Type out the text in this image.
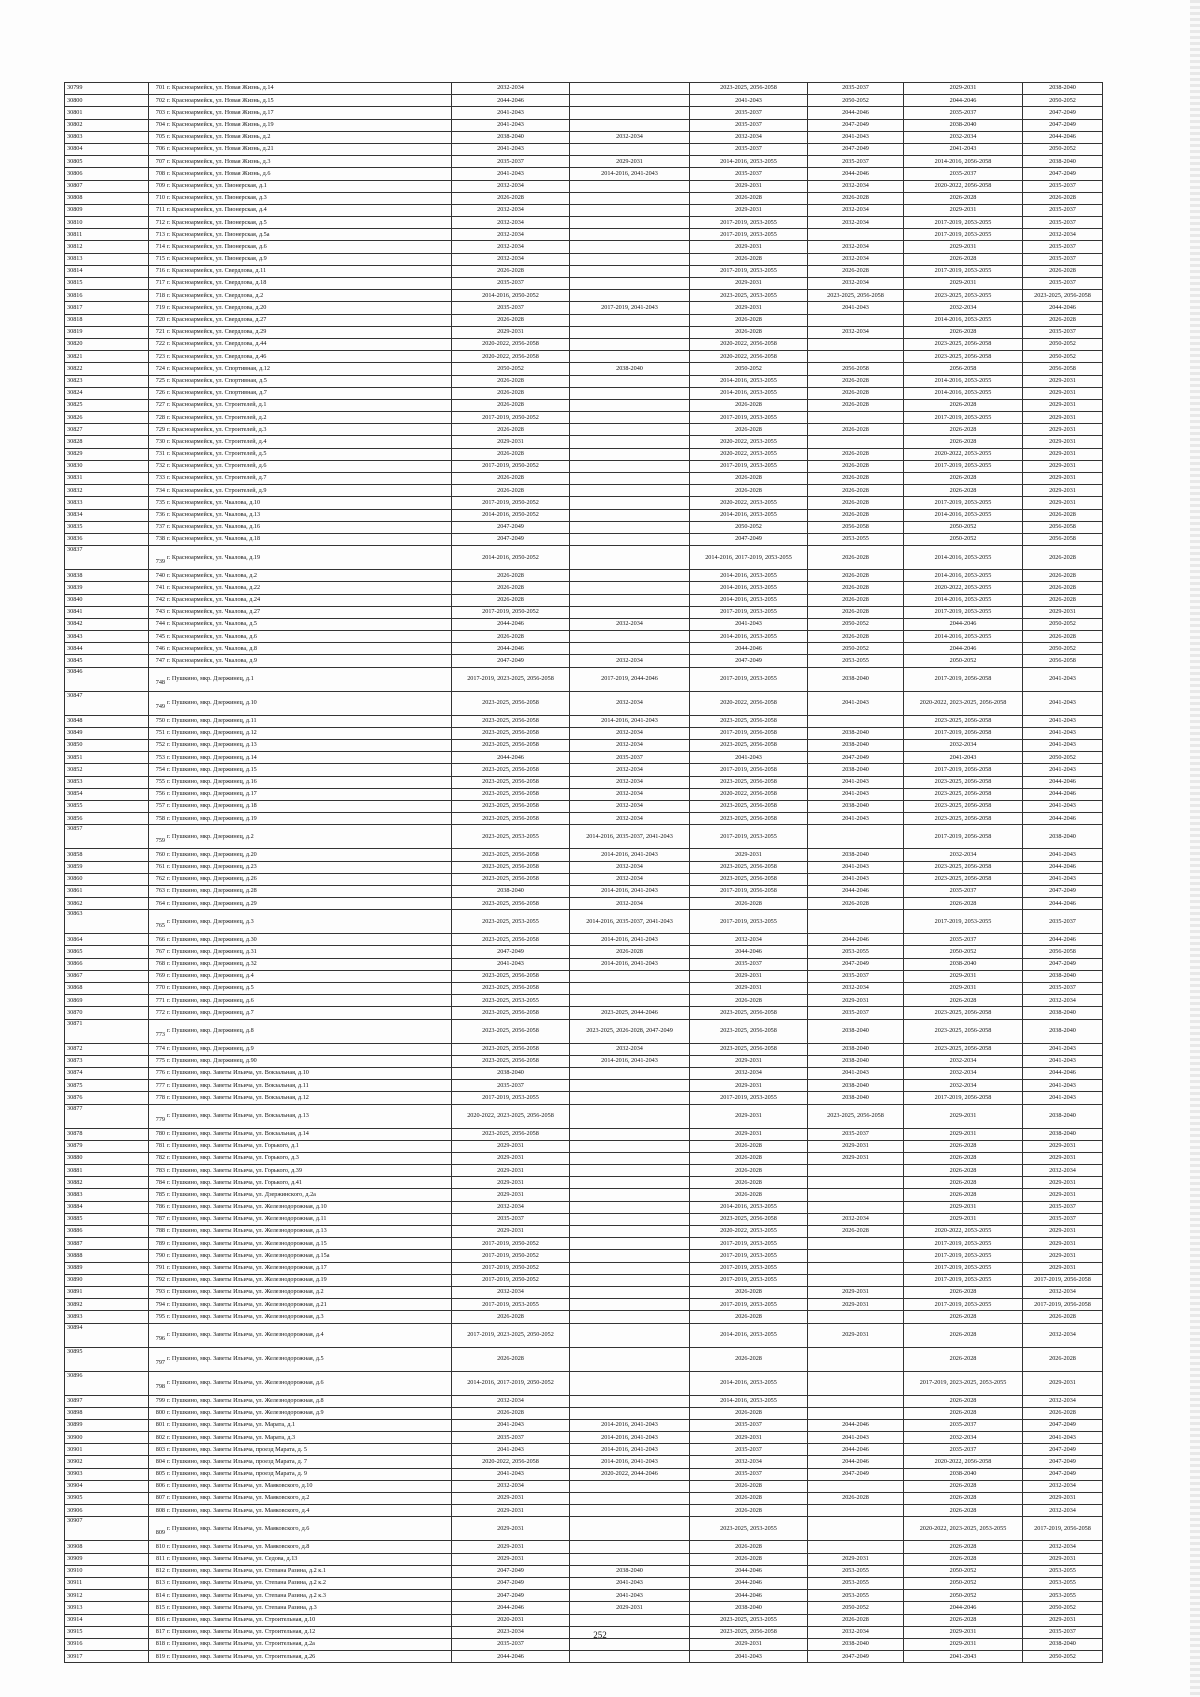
30799	701 г. Красноармейск, ул. Новая Жизнь, д.14	2032-2034		2023-2025, 2056-2058	2035-2037	2029-2031	2038-2040
30800	702 г. Красноармейск, ул. Новая Жизнь, д.15	2044-2046		2041-2043	2050-2052	2044-2046	2050-2052
30801	703 г. Красноармейск, ул. Новая Жизнь, д.17	2041-2043		2035-2037	2044-2046	2035-2037	2047-2049
30802	704 г. Красноармейск, ул. Новая Жизнь, д.19	2041-2043		2035-2037	2047-2049	2038-2040	2047-2049
30803	705 г. Красноармейск, ул. Новая Жизнь, д.2	2038-2040	2032-2034	2032-2034	2041-2043	2032-2034	2044-2046
30804	706 г. Красноармейск, ул. Новая Жизнь, д.21	2041-2043		2035-2037	2047-2049	2041-2043	2050-2052
30805	707 г. Красноармейск, ул. Новая Жизнь, д.3	2035-2037	2029-2031	2014-2016, 2053-2055	2035-2037	2014-2016, 2056-2058	2038-2040
30806	708 г. Красноармейск, ул. Новая Жизнь, д.6	2041-2043	2014-2016, 2041-2043	2035-2037	2044-2046	2035-2037	2047-2049
30807	709 г. Красноармейск, ул. Пионерская, д.1	2032-2034		2029-2031	2032-2034	2020-2022, 2056-2058	2035-2037
30808	710 г. Красноармейск, ул. Пионерская, д.3	2026-2028		2026-2028	2026-2028	2026-2028	2026-2028
30809	711 г. Красноармейск, ул. Пионерская, д.4	2032-2034		2029-2031	2032-2034	2029-2031	2035-2037
30810	712 г. Красноармейск, ул. Пионерская, д.5	2032-2034		2017-2019, 2053-2055	2032-2034	2017-2019, 2053-2055	2035-2037
30811	713 г. Красноармейск, ул. Пионерская, д.5а	2032-2034		2017-2019, 2053-2055		2017-2019, 2053-2055	2032-2034
30812	714 г. Красноармейск, ул. Пионерская, д.6	2032-2034		2029-2031	2032-2034	2029-2031	2035-2037
30813	715 г. Красноармейск, ул. Пионерская, д.9	2032-2034		2026-2028	2032-2034	2026-2028	2035-2037
30814	716 г. Красноармейск, ул. Свердлова, д.11	2026-2028		2017-2019, 2053-2055	2026-2028	2017-2019, 2053-2055	2026-2028
30815	717 г. Красноармейск, ул. Свердлова, д.18	2035-2037		2029-2031	2032-2034	2029-2031	2035-2037
30816	718 г. Красноармейск, ул. Свердлова, д.2	2014-2016, 2050-2052		2023-2025, 2053-2055	2023-2025, 2056-2058	2023-2025, 2053-2055	2023-2025, 2056-2058
30817	719 г. Красноармейск, ул. Свердлова, д.20	2035-2037	2017-2019, 2041-2043	2029-2031	2041-2043	2032-2034	2044-2046
30818	720 г. Красноармейск, ул. Свердлова, д.27	2026-2028		2026-2028		2014-2016, 2053-2055	2026-2028
30819	721 г. Красноармейск, ул. Свердлова, д.29	2029-2031		2026-2028	2032-2034	2026-2028	2035-2037
30820	722 г. Красноармейск, ул. Свердлова, д.44	2020-2022, 2056-2058		2020-2022, 2056-2058		2023-2025, 2056-2058	2050-2052
30821	723 г. Красноармейск, ул. Свердлова, д.46	2020-2022, 2056-2058		2020-2022, 2056-2058		2023-2025, 2056-2058	2050-2052
30822	724 г. Красноармейск, ул. Спортивная, д.12	2050-2052	2038-2040	2050-2052	2056-2058	2056-2058	2056-2058
30823	725 г. Красноармейск, ул. Спортивная, д.5	2026-2028		2014-2016, 2053-2055	2026-2028	2014-2016, 2053-2055	2029-2031
30824	726 г. Красноармейск, ул. Спортивная, д.7	2026-2028		2014-2016, 2053-2055	2026-2028	2014-2016, 2053-2055	2029-2031
30825	727 г. Красноармейск, ул. Строителей, д.1	2026-2028		2026-2028	2026-2028	2026-2028	2029-2031
30826	728 г. Красноармейск, ул. Строителей, д.2	2017-2019, 2050-2052		2017-2019, 2053-2055		2017-2019, 2053-2055	2029-2031
30827	729 г. Красноармейск, ул. Строителей, д.3	2026-2028		2026-2028	2026-2028	2026-2028	2029-2031
30828	730 г. Красноармейск, ул. Строителей, д.4	2029-2031		2020-2022, 2053-2055		2026-2028	2029-2031
30829	731 г. Красноармейск, ул. Строителей, д.5	2026-2028		2020-2022, 2053-2055	2026-2028	2020-2022, 2053-2055	2029-2031
30830	732 г. Красноармейск, ул. Строителей, д.6	2017-2019, 2050-2052		2017-2019, 2053-2055	2026-2028	2017-2019, 2053-2055	2029-2031
30831	733 г. Красноармейск, ул. Строителей, д.7	2026-2028		2026-2028	2026-2028	2026-2028	2029-2031
30832	734 г. Красноармейск, ул. Строителей, д.9	2026-2028		2026-2028	2026-2028	2026-2028	2029-2031
30833	735 г. Красноармейск, ул. Чкалова, д.10	2017-2019, 2050-2052		2020-2022, 2053-2055	2026-2028	2017-2019, 2053-2055	2029-2031
30834	736 г. Красноармейск, ул. Чкалова, д.13	2014-2016, 2050-2052		2014-2016, 2053-2055	2026-2028	2014-2016, 2053-2055	2026-2028
30835	737 г. Красноармейск, ул. Чкалова, д.16	2047-2049		2050-2052	2056-2058	2050-2052	2056-2058
30836	738 г. Красноармейск, ул. Чкалова, д.18	2047-2049		2047-2049	2053-2055	2050-2052	2056-2058
30837	739г. Красноармейск, ул. Чкалова, д.19	2014-2016, 2050-2052		2014-2016, 2017-2019, 2053-2055	2026-2028	2014-2016, 2053-2055	2026-2028
30838	740 г. Красноармейск, ул. Чкалова, д.2	2026-2028		2014-2016, 2053-2055	2026-2028	2014-2016, 2053-2055	2026-2028
30839	741 г. Красноармейск, ул. Чкалова, д.22	2026-2028		2014-2016, 2053-2055	2026-2028	2020-2022, 2053-2055	2026-2028
30840	742 г. Красноармейск, ул. Чкалова, д.24	2026-2028		2014-2016, 2053-2055	2026-2028	2014-2016, 2053-2055	2026-2028
30841	743 г. Красноармейск, ул. Чкалова, д.27	2017-2019, 2050-2052		2017-2019, 2053-2055	2026-2028	2017-2019, 2053-2055	2029-2031
30842	744 г. Красноармейск, ул. Чкалова, д.5	2044-2046	2032-2034	2041-2043	2050-2052	2044-2046	2050-2052
30843	745 г. Красноармейск, ул. Чкалова, д.6	2026-2028		2014-2016, 2053-2055	2026-2028	2014-2016, 2053-2055	2026-2028
30844	746 г. Красноармейск, ул. Чкалова, д.8	2044-2046		2044-2046	2050-2052	2044-2046	2050-2052
30845	747 г. Красноармейск, ул. Чкалова, д.9	2047-2049	2032-2034	2047-2049	2053-2055	2050-2052	2056-2058
30846	748г. Пушкино, мкр. Дзержинец, д.1	2017-2019, 2023-2025, 2056-2058	2017-2019, 2044-2046	2017-2019, 2053-2055	2038-2040	2017-2019, 2056-2058	2041-2043
30847	749г. Пушкино, мкр. Дзержинец, д.10	2023-2025, 2056-2058	2032-2034	2020-2022, 2056-2058	2041-2043	2020-2022, 2023-2025, 2056-2058	2041-2043
30848	750 г. Пушкино, мкр. Дзержинец, д.11	2023-2025, 2056-2058	2014-2016, 2041-2043	2023-2025, 2056-2058		2023-2025, 2056-2058	2041-2043
30849	751 г. Пушкино, мкр. Дзержинец, д.12	2023-2025, 2056-2058	2032-2034	2017-2019, 2056-2058	2038-2040	2017-2019, 2056-2058	2041-2043
30850	752 г. Пушкино, мкр. Дзержинец, д.13	2023-2025, 2056-2058	2032-2034	2023-2025, 2056-2058	2038-2040	2032-2034	2041-2043
30851	753 г. Пушкино, мкр. Дзержинец, д.14	2044-2046	2035-2037	2041-2043	2047-2049	2041-2043	2050-2052
30852	754 г. Пушкино, мкр. Дзержинец, д.15	2023-2025, 2056-2058	2032-2034	2017-2019, 2056-2058	2038-2040	2017-2019, 2056-2058	2041-2043
30853	755 г. Пушкино, мкр. Дзержинец, д.16	2023-2025, 2056-2058	2032-2034	2023-2025, 2056-2058	2041-2043	2023-2025, 2056-2058	2044-2046
30854	756 г. Пушкино, мкр. Дзержинец, д.17	2023-2025, 2056-2058	2032-2034	2020-2022, 2056-2058	2041-2043	2023-2025, 2056-2058	2044-2046
30855	757 г. Пушкино, мкр. Дзержинец, д.18	2023-2025, 2056-2058	2032-2034	2023-2025, 2056-2058	2038-2040	2023-2025, 2056-2058	2041-2043
30856	758 г. Пушкино, мкр. Дзержинец, д.19	2023-2025, 2056-2058	2032-2034	2023-2025, 2056-2058	2041-2043	2023-2025, 2056-2058	2044-2046
30857	759г. Пушкино, мкр. Дзержинец, д.2	2023-2025, 2053-2055	2014-2016, 2035-2037, 2041-2043	2017-2019, 2053-2055		2017-2019, 2056-2058	2038-2040
30858	760 г. Пушкино, мкр. Дзержинец, д.20	2023-2025, 2056-2058	2014-2016, 2041-2043	2029-2031	2038-2040	2032-2034	2041-2043
30859	761 г. Пушкино, мкр. Дзержинец, д.23	2023-2025, 2056-2058	2032-2034	2023-2025, 2056-2058	2041-2043	2023-2025, 2056-2058	2044-2046
30860	762 г. Пушкино, мкр. Дзержинец, д.26	2023-2025, 2056-2058	2032-2034	2023-2025, 2056-2058	2041-2043	2023-2025, 2056-2058	2041-2043
30861	763 г. Пушкино, мкр. Дзержинец, д.28	2038-2040	2014-2016, 2041-2043	2017-2019, 2056-2058	2044-2046	2035-2037	2047-2049
30862	764 г. Пушкино, мкр. Дзержинец, д.29	2023-2025, 2056-2058	2032-2034	2026-2028	2026-2028	2026-2028	2044-2046
30863	765г. Пушкино, мкр. Дзержинец, д.3	2023-2025, 2053-2055	2014-2016, 2035-2037, 2041-2043	2017-2019, 2053-2055		2017-2019, 2053-2055	2035-2037
30864	766 г. Пушкино, мкр. Дзержинец, д.30	2023-2025, 2056-2058	2014-2016, 2041-2043	2032-2034	2044-2046	2035-2037	2044-2046
30865	767 г. Пушкино, мкр. Дзержинец, д.31	2047-2049	2026-2028	2044-2046	2053-2055	2050-2052	2056-2058
30866	768 г. Пушкино, мкр. Дзержинец, д.32	2041-2043	2014-2016, 2041-2043	2035-2037	2047-2049	2038-2040	2047-2049
30867	769 г. Пушкино, мкр. Дзержинец, д.4	2023-2025, 2056-2058		2029-2031	2035-2037	2029-2031	2038-2040
30868	770 г. Пушкино, мкр. Дзержинец, д.5	2023-2025, 2056-2058		2029-2031	2032-2034	2029-2031	2035-2037
30869	771 г. Пушкино, мкр. Дзержинец, д.6	2023-2025, 2053-2055		2026-2028	2029-2031	2026-2028	2032-2034
30870	772 г. Пушкино, мкр. Дзержинец, д.7	2023-2025, 2056-2058	2023-2025, 2044-2046	2023-2025, 2056-2058	2035-2037	2023-2025, 2056-2058	2038-2040
30871	773г. Пушкино, мкр. Дзержинец, д.8	2023-2025, 2056-2058	2023-2025, 2026-2028, 2047-2049	2023-2025, 2056-2058	2038-2040	2023-2025, 2056-2058	2038-2040
30872	774 г. Пушкино, мкр. Дзержинец, д.9	2023-2025, 2056-2058	2032-2034	2023-2025, 2056-2058	2038-2040	2023-2025, 2056-2058	2041-2043
30873	775 г. Пушкино, мкр. Дзержинец, д.90	2023-2025, 2056-2058	2014-2016, 2041-2043	2029-2031	2038-2040	2032-2034	2041-2043
30874	776 г. Пушкино, мкр. Заветы Ильича, ул. Вокзальная, д.10	2038-2040		2032-2034	2041-2043	2032-2034	2044-2046
30875	777 г. Пушкино, мкр. Заветы Ильича, ул. Вокзальная, д.11	2035-2037		2029-2031	2038-2040	2032-2034	2041-2043
30876	778 г. Пушкино, мкр. Заветы Ильича, ул. Вокзальная, д.12	2017-2019, 2053-2055		2017-2019, 2053-2055	2038-2040	2017-2019, 2056-2058	2041-2043
30877	779г. Пушкино, мкр. Заветы Ильича, ул. Вокзальная, д.13	2020-2022, 2023-2025, 2056-2058		2029-2031	2023-2025, 2056-2058	2029-2031	2038-2040
30878	780 г. Пушкино, мкр. Заветы Ильича, ул. Вокзальная, д.14	2023-2025, 2056-2058		2029-2031	2035-2037	2029-2031	2038-2040
30879	781 г. Пушкино, мкр. Заветы Ильича, ул. Горького, д.1	2029-2031		2026-2028	2029-2031	2026-2028	2029-2031
30880	782 г. Пушкино, мкр. Заветы Ильича, ул. Горького, д.3	2029-2031		2026-2028	2029-2031	2026-2028	2029-2031
30881	783 г. Пушкино, мкр. Заветы Ильича, ул. Горького, д.39	2029-2031		2026-2028		2026-2028	2032-2034
30882	784 г. Пушкино, мкр. Заветы Ильича, ул. Горького, д.41	2029-2031		2026-2028		2026-2028	2029-2031
30883	785 г. Пушкино, мкр. Заветы Ильича, ул. Дзержинского, д.2а	2029-2031		2026-2028		2026-2028	2029-2031
30884	786 г. Пушкино, мкр. Заветы Ильича, ул. Железнодорожная, д.10	2032-2034		2014-2016, 2053-2055		2029-2031	2035-2037
30885	787 г. Пушкино, мкр. Заветы Ильича, ул. Железнодорожная, д.11	2035-2037		2023-2025, 2056-2058	2032-2034	2029-2031	2035-2037
30886	788 г. Пушкино, мкр. Заветы Ильича, ул. Железнодорожная, д.13	2029-2031		2020-2022, 2053-2055	2026-2028	2020-2022, 2053-2055	2029-2031
30887	789 г. Пушкино, мкр. Заветы Ильича, ул. Железнодорожная, д.15	2017-2019, 2050-2052		2017-2019, 2053-2055		2017-2019, 2053-2055	2029-2031
30888	790 г. Пушкино, мкр. Заветы Ильича, ул. Железнодорожная, д.15а	2017-2019, 2050-2052		2017-2019, 2053-2055		2017-2019, 2053-2055	2029-2031
30889	791 г. Пушкино, мкр. Заветы Ильича, ул. Железнодорожная, д.17	2017-2019, 2050-2052		2017-2019, 2053-2055		2017-2019, 2053-2055	2029-2031
30890	792 г. Пушкино, мкр. Заветы Ильича, ул. Железнодорожная, д.19	2017-2019, 2050-2052		2017-2019, 2053-2055		2017-2019, 2053-2055	2017-2019, 2056-2058
30891	793 г. Пушкино, мкр. Заветы Ильича, ул. Железнодорожная, д.2	2032-2034		2026-2028	2029-2031	2026-2028	2032-2034
30892	794 г. Пушкино, мкр. Заветы Ильича, ул. Железнодорожная, д.21	2017-2019, 2053-2055		2017-2019, 2053-2055	2029-2031	2017-2019, 2053-2055	2017-2019, 2056-2058
30893	795 г. Пушкино, мкр. Заветы Ильича, ул. Железнодорожная, д.3	2026-2028		2026-2028		2026-2028	2026-2028
30894	796г. Пушкино, мкр. Заветы Ильича, ул. Железнодорожная, д.4	2017-2019, 2023-2025, 2050-2052		2014-2016, 2053-2055	2029-2031	2026-2028	2032-2034
30895	797г. Пушкино, мкр. Заветы Ильича, ул. Железнодорожная, д.5	2026-2028		2026-2028		2026-2028	2026-2028
30896	798г. Пушкино, мкр. Заветы Ильича, ул. Железнодорожная, д.6	2014-2016, 2017-2019, 2050-2052		2014-2016, 2053-2055		2017-2019, 2023-2025, 2053-2055	2029-2031
30897	799 г. Пушкино, мкр. Заветы Ильича, ул. Железнодорожная, д.8	2032-2034		2014-2016, 2053-2055		2026-2028	2032-2034
30898	800 г. Пушкино, мкр. Заветы Ильича, ул. Железнодорожная, д.9	2026-2028		2026-2028		2026-2028	2026-2028
30899	801 г. Пушкино, мкр. Заветы Ильича, ул. Марата, д.1	2041-2043	2014-2016, 2041-2043	2035-2037	2044-2046	2035-2037	2047-2049
30900	802 г. Пушкино, мкр. Заветы Ильича, ул. Марата, д.3	2035-2037	2014-2016, 2041-2043	2029-2031	2041-2043	2032-2034	2041-2043
30901	803 г. Пушкино, мкр. Заветы Ильича, проезд Марата, д. 5	2041-2043	2014-2016, 2041-2043	2035-2037	2044-2046	2035-2037	2047-2049
30902	804 г. Пушкино, мкр. Заветы Ильича, проезд Марата, д. 7	2020-2022, 2056-2058	2014-2016, 2041-2043	2032-2034	2044-2046	2020-2022, 2056-2058	2047-2049
30903	805 г. Пушкино, мкр. Заветы Ильича, проезд Марата, д. 9	2041-2043	2020-2022, 2044-2046	2035-2037	2047-2049	2038-2040	2047-2049
30904	806 г. Пушкино, мкр. Заветы Ильича, ул. Маяковского, д.10	2032-2034		2026-2028		2026-2028	2032-2034
30905	807 г. Пушкино, мкр. Заветы Ильича, ул. Маяковского, д.2	2029-2031		2026-2028	2026-2028	2026-2028	2029-2031
30906	808 г. Пушкино, мкр. Заветы Ильича, ул. Маяковского, д.4	2029-2031		2026-2028		2026-2028	2032-2034
30907	809г. Пушкино, мкр. Заветы Ильича, ул. Маяковского, д.6	2029-2031		2023-2025, 2053-2055		2020-2022, 2023-2025, 2053-2055	2017-2019, 2056-2058
30908	810 г. Пушкино, мкр. Заветы Ильича, ул. Маяковского, д.8	2029-2031		2026-2028		2026-2028	2032-2034
30909	811 г. Пушкино, мкр. Заветы Ильича, ул. Седова, д.13	2029-2031		2026-2028	2029-2031	2026-2028	2029-2031
30910	812 г. Пушкино, мкр. Заветы Ильича, ул. Степана Разина, д.2 к.1	2047-2049	2038-2040	2044-2046	2053-2055	2050-2052	2053-2055
30911	813 г. Пушкино, мкр. Заветы Ильича, ул. Степана Разина, д.2 к.2	2047-2049	2041-2043	2044-2046	2053-2055	2050-2052	2053-2055
30912	814 г. Пушкино, мкр. Заветы Ильича, ул. Степана Разина, д.2 к.3	2047-2049	2041-2043	2044-2046	2053-2055	2050-2052	2053-2055
30913	815 г. Пушкино, мкр. Заветы Ильича, ул. Степана Разина, д.3	2044-2046	2029-2031	2038-2040	2050-2052	2044-2046	2050-2052
30914	816 г. Пушкино, мкр. Заветы Ильича, ул. Строительная, д.10	2020-2031		2023-2025, 2053-2055	2026-2028	2026-2028	2029-2031
30915	817 г. Пушкино, мкр. Заветы Ильича, ул. Строительная, д.12	2023-2034		2023-2025, 2056-2058	2032-2034	2029-2031	2035-2037
30916	818 г. Пушкино, мкр. Заветы Ильича, ул. Строительная, д.2а	2035-2037		2029-2031	2038-2040	2029-2031	2038-2040
30917	819 г. Пушкино, мкр. Заветы Ильича, ул. Строительная, д.26	2044-2046		2041-2043	2047-2049	2041-2043	2050-2052
252
